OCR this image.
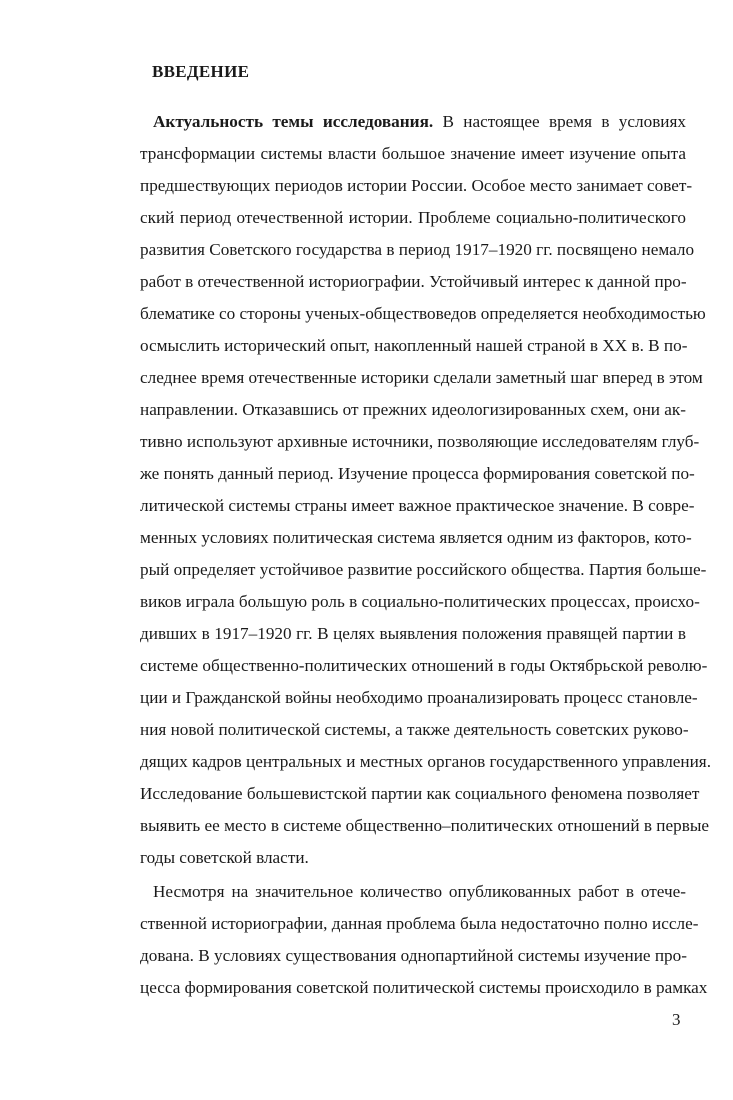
ВВЕДЕНИЕ
Актуальность темы исследования. В настоящее время в условиях
трансформации системы власти большое значение имеет изучение опыта
предшествующих периодов истории России. Особое место занимает совет-
ский период отечественной истории. Проблеме социально-политического
развития Советского государства в период 1917–1920 гг. посвящено немало
работ в отечественной историографии. Устойчивый интерес к данной про-
блематике со стороны ученых-обществоведов определяется необходимостью
осмыслить исторический опыт, накопленный нашей страной в XX в. В по-
следнее время отечественные историки сделали заметный шаг вперед в этом
направлении. Отказавшись от прежних идеологизированных схем, они ак-
тивно используют архивные источники, позволяющие исследователям глуб-
же понять данный период. Изучение процесса формирования советской по-
литической системы страны имеет важное практическое значение. В совре-
менных условиях политическая система является одним из факторов, кото-
рый определяет устойчивое развитие российского общества. Партия больше-
виков играла большую роль в социально-политических процессах, происхо-
дивших в 1917–1920 гг. В целях выявления положения правящей партии в
системе общественно-политических отношений в годы Октябрьской револю-
ции и Гражданской войны необходимо проанализировать процесс становле-
ния новой политической системы, а также деятельность советских руково-
дящих кадров центральных и местных органов государственного управления.
Исследование большевистской партии как социального феномена позволяет
выявить ее место в системе общественно–политических отношений в первые
годы советской власти.
Несмотря на значительное количество опубликованных работ в отече-
ственной историографии, данная проблема была недостаточно полно иссле-
дована. В условиях существования однопартийной системы изучение про-
цесса формирования советской политической системы происходило в рамках
3
